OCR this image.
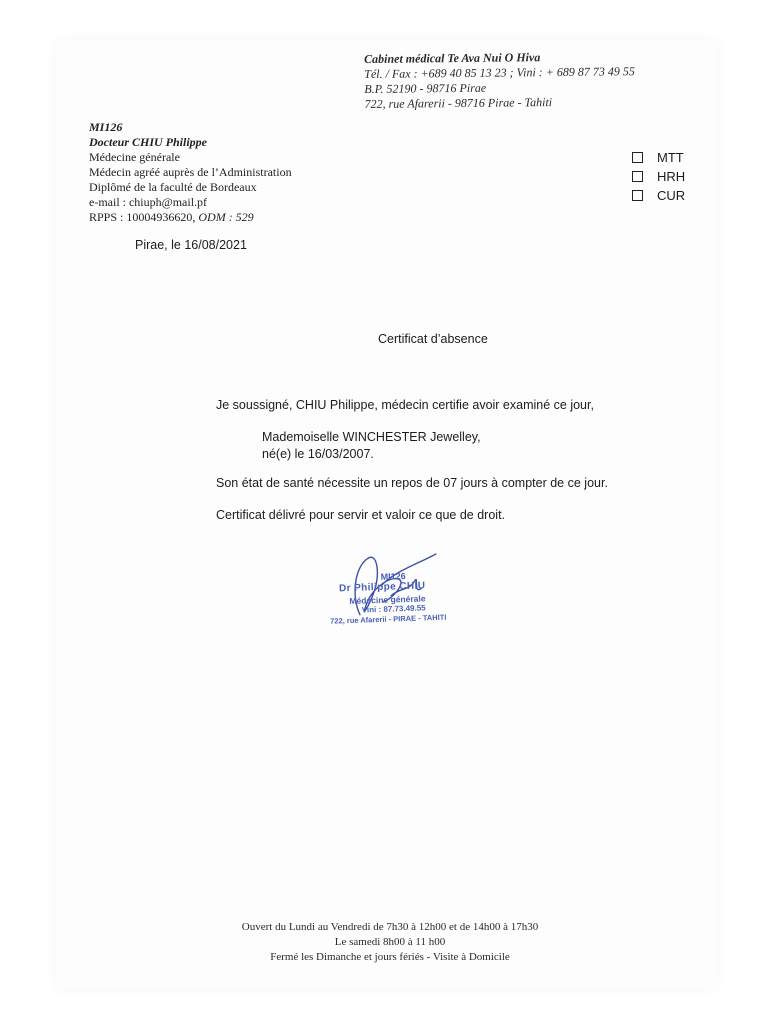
Cabinet médical Te Ava Nui O Hiva
Tél. / Fax : +689 40 85 13 23 ; Vini : + 689 87 73 49 55
B.P. 52190 - 98716 Pirae
722, rue Afarerii - 98716 Pirae - Tahiti
MI126
Docteur CHIU Philippe
Médecine générale
Médecin agréé auprès de l’Administration
Diplômé de la faculté de Bordeaux
e-mail : chiuph@mail.pf
RPPS : 10004936620, ODM : 529
MTT
HRH
CUR
Pirae, le 16/08/2021
Certificat d’absence
Je soussigné, CHIU Philippe, médecin certifie avoir examiné ce jour,
Mademoiselle WINCHESTER Jewelley,
né(e) le 16/03/2007.
Son état de santé nécessite un repos de 07 jours à compter de ce jour.
Certificat délivré pour servir et valoir ce que de droit.
MI126
Dr Philippe CHIU
Médecine générale
Vini : 87.73.49.55
722, rue Afarerii - PIRAE - TAHITI
Ouvert du Lundi au Vendredi de 7h30 à 12h00 et de 14h00 à 17h30
Le samedi 8h00 à 11 h00
Fermé les Dimanche et jours fériés - Visite à Domicile
